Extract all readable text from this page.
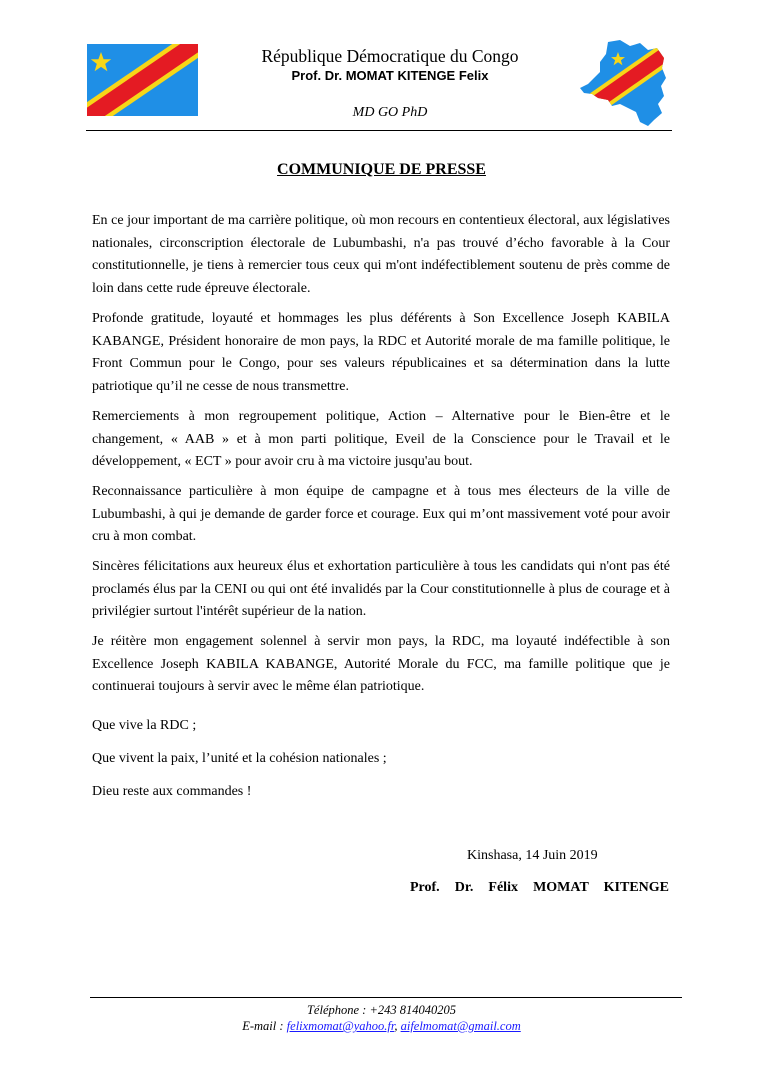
République Démocratique du Congo
Prof. Dr. MOMAT KITENGE Felix
MD GO PhD
COMMUNIQUE DE PRESSE

En ce jour important de ma carrière politique, où mon recours en contentieux électoral, aux législatives nationales, circonscription électorale de Lubumbashi, n'a pas trouvé d’écho favorable à la Cour constitutionnelle, je tiens à remercier tous ceux qui m'ont indéfectiblement soutenu de près comme de loin dans cette rude épreuve électorale.

Profonde gratitude, loyauté et hommages les plus déférents à Son Excellence Joseph KABILA KABANGE, Président honoraire de mon pays, la RDC et Autorité morale de ma famille politique, le Front Commun pour le Congo, pour ses valeurs républicaines et sa détermination dans la lutte patriotique qu’il ne cesse de nous transmettre.

Remerciements à mon regroupement politique, Action – Alternative pour le Bien-être et le changement, « AAB » et à mon parti politique, Eveil de la Conscience pour le Travail et le développement, « ECT » pour avoir cru à ma victoire jusqu'au bout.

Reconnaissance particulière à mon équipe de campagne et à tous mes électeurs de la ville de Lubumbashi, à qui je demande de garder force et courage. Eux qui m’ont massivement voté pour avoir cru à mon combat.

Sincères félicitations aux heureux élus et exhortation particulière à tous les candidats qui n'ont pas été proclamés élus par la CENI ou qui ont été invalidés par la Cour constitutionnelle à plus de courage et à privilégier surtout l'intérêt supérieur de la nation.

Je réitère mon engagement solennel à servir mon pays, la RDC, ma loyauté indéfectible à son Excellence Joseph KABILA KABANGE, Autorité Morale du FCC, ma famille politique que je continuerai toujours à servir avec le même élan patriotique.

Que vive la RDC ;

Que vivent la paix, l’unité et la cohésion nationales ;

Dieu reste aux commandes !

Kinshasa, 14 Juin 2019
Prof. Dr. Félix MOMAT KITENGE
Téléphone : +243 814040205
E-mail : felixmomat@yahoo.fr, aifelmomat@gmail.com
